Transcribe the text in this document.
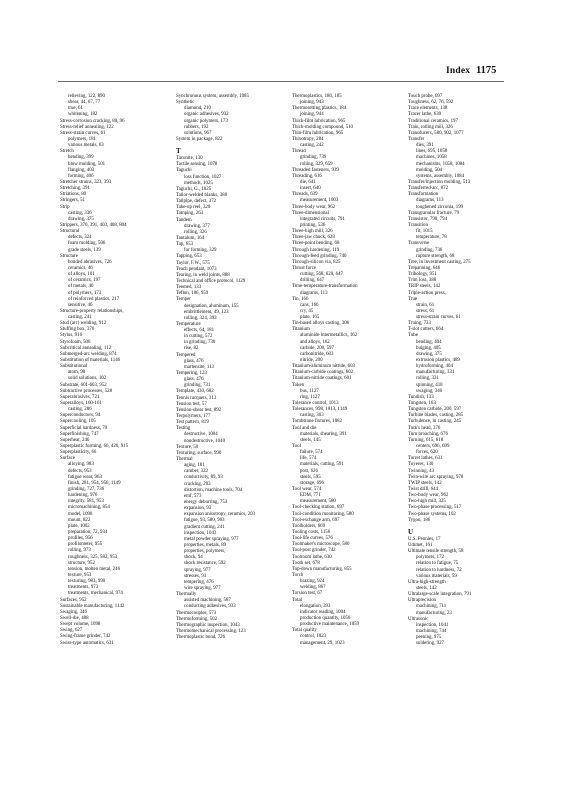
Index 1175
relieving, 122, 890
shear, 44, 67, 77
true, 61
whitening, 182
Stress-corrosion cracking, 80, 96
Stress-relief annealing, 122
Stress-strain curves, 61
polymers, 181
various metals, 63
Stretch
bending, 399
blow molding, 501
flanging, 403
forming, 406
Stretcher strains, 323, 393
Stretching, 391
Striations, 80
Stringers, 51
Strip
casting, 336
drawing, 375
Strippers, 370, 391, 403, 408, 804
Structural
defects, 324
foam molding, 506
grade steels, 139
Structure
bonded abrasives, 726
ceramics, 46
of alloys, 101
of ceramics, 197
of metals, 40
of polymers, 173
of reinforced plastics, 217
sensitive, 46
Structure-property relationships,
casting, 241
Stud (arc) welding, 912
Stuffing box, 376
Stylus, 916
Styrofoam, 506
Subcritical annealing, 112
Submerged-arc welding, 874
Substitution of materials, 1146
Substitutional
atom, 98
solid solutions, 102
Substrate, 601-603, 952
Subtractive processes, 528
Superabrasives, 721
Superalloys, 160-161
casting, 286
Superconductors, 94
Supercooling, 105
Superficial hardness, 70
Superfinishing, 747
Superheat, 246
Superplastic forming, 66, 420, 915
Superplasticity, 66
Surface
alloying, 983
defects, 953
fatigue wear, 963
finish, 281, 954, 956, 1149
grinding, 727, 736
hardening, 976
integrity, 581, 953
micromachining, 854
model, 1098
mount, 822
plate, 1002
preparation, 72, 934
profiles, 956
profilometer, 955
rolling, 973
roughness, 325, 582, 953
structure, 952
tension, molten metal, 246
texture, 953
texturing, 983, 990
treatments, 973
treatments, mechanical, 974
Surfaces, 952
Sustainable manufacturing, 1142
Swaging, 346
Swell-die, 488
Swept volume, 1098
Swing, 627
Swing-frame grinder, 742
Swiss-type automatics, 631
Synchronous system, assembly, 1085
Synthetic
diamond, 210
organic adhesives, 932
organic polymers, 173
rubbers, 192
solutions, 967
System in package, 822
T
Taconite, 130
Tactile sensing, 1078
Taguchi
loss function, 1027
methods, 1025
Taguchi, G., 1025
Tailor-welded blanks, 388
Tailpipe, defect, 372
Take-up reel, 320
Tamping, 263
Tandem
drawing, 377
rolling, 326
Tantalum, 164
Tap, 653
for forming, 329
Tapping, 653
Taylor, F.W., 575
Teach pendant, 1073
Tearing, in weld joints, 888
Technical and office protocol, 1129
Teemed, 133
Teflon, 186, 959
Temper
designation, aluminum, 155
embrittlement, 49, 123
rolling, 324, 393
Temperature
effects, 64, 181
in cutting, 572
in grinding, 730
rise, 82
Tempered
glass, 476
martensite, 113
Tempering, 123
glass, 476
grinding, 731
Template, 430, 682
Tennis racquets, 313
Tension test, 57
Tension-shear test, 892
Terpolymers, 177
Test pattern, 819
Testing
destructive, 1004
nondestructive, 1040
Texture, 50
Texturing, surface, 990
Thermal
aging, 181
camber, 322
conductivity, 89, 93
cracking, 203
distortion, machine tools, 704
emf, 573
energy deburring, 753
expansion, 93
expansion anisotropy, ceramics, 203
fatigue, 93, 580, 963
gradient cutting, 241
inspection, 1043
metal powder spraying, 977
properties, metals, 89
properties, polymers,
shock, 94
shock resistance, 592
spraying, 977
stresses, 93
tempering, 476
wire spraying, 977
Thermally
assisted machining, 587
conducting adhesives, 933
Thermocouples, 573
Thermoforming, 502
Thermographic inspection, 1043
Thermomechanical processing, 123
Thermoplastic bond, 726
Thermoplastics, 180, 185
joining, 943
Thermosetting plastics, 184
joining, 944
Thick-film lubrication, 965
Thick-molding compound, 510
Thin-film lubrication, 965
Thixotropy, 284
casting, 242
Thread
grinding, 739
rolling, 329, 659
Threaded fasteners, 939
Threading, 616
die, 641
insert, 640
Threads, 639
measurement, 1003
Three-body wear, 962
Three-dimensional
integrated circuits, 791
printing, 536
Three-high mill, 326
Three-jaw chuck, 628
Three-point bending, 68
Through hardening, 119
Through-feed grinding, 740
Through-silicon via, 825
Thrust force
cutting, 568, 620, 647
drilling, 647
Time-temperature-transformation
diagrams, 113
Tin, 166
cans, 166
cry, 45
plate, 165
Tin-based alloys casting, 306
Titanium
aluminide intermetallics, 162
and alloys, 162
carbide, 200, 597
carbonitride, 603
nitride, 200
Titanium-aluminum nitride, 603
Titanium-carbide coatings, 602
Titanium-nitride coatings, 601
Token
bus, 1127
ring, 1127
Tolerance control, 1013
Tolerances, 998, 1013, 1149
casting, 303
Tombstone fixtures, 1082
Tool and die
materials, shearing, 391
steels, 145
Tool
failure, 574
life, 574
materials, cutting, 591
post, 626
steels, 595
storage, 696
Tool wear, 574
EDM, 771
measurement, 580
Tool-checking station, 697
Tool-condition monitoring, 580
Tool-exchange arm, 697
Toolholders, 669
Tooling costs, 1156
Tool-life curves, 576
Toolmaker's microscope, 580
Tool-post grinder, 742
Toolroom lathe, 630
Tooth set, 678
Top-down manufacturing, 855
Torch
brazing, 924
welding, 867
Torsion test, 67
Total
elongation, 393
indicator reading, 1004
production quantity, 1056
productive maintenance, 1059
Total quality
control, 1023
management, 29, 1023
Touch probe, 697
Toughness, 62, 76, 592
Trace elements, 138
Tracer lathe, 630
Traditional ceramics, 197
Train, rolling mill, 326
Transducers, 580, 902, 1077
Transfer
dies, 391
lines, 695, 1058
machines, 1058
mechanisms, 1058, 1084
molding, 504
systems, assembly, 1084
Transfer/injection molding, 513
Transferred-arc, 872
Transformation
diagrams, 113
toughened zirconia, 199
Transgranular fracture, 79
Transistor, 790, 794
Transition
fit, 1015
temperature, 78
Transverse
grinding, 736
rupture strength, 68
Tree, in investment casting, 275
Trepanning, 646
Tribology, 951
Trim loss, 388
TRIP steels, 142
Triple-action press,
True
strain, 61
stress, 61
stress-strain curves, 61
Truing, 733
T-slot cutters, 664
Tube
bending, 404
bulging, 405
drawing, 375
extrusion plastics, 489
hydroforming, 404
manufacturing, 331
rolling, 331
spinning, 418
swaging, 346
Tundish, 133
Tungsten, 163
Tungsten carbide, 200, 597
Turbine blades, casting, 285
Turbulence, in casting, 245
Turk's head, 376
Turn broaching, 676
Turning, 615, 618
centers, 696, 699
forces, 620
Turret lathes, 631
Tuyeres, 130
Twinning, 43
Twin-wire arc spraying, 978
TWIP steels, 142
Twist drill, 644
Two-body wear, 962
Two-high mill, 325
Two-phase processing, 517
Two-phase systems, 102
Tygon, 186
U
U.S. Pennies, 17
Udimet, 161
Ultimate tensile strength, 58
polymers, 172
relation to fatigue, 75
relation to hardness, 72
various materials, 59
Ultra-high-strength
steels, 142
Ultralarge-scale integration, 791
Ultraprecision
machining, 711
manufacturing, 23
Ultrasonic
inspection, 1041
machining, 744
peening, 975
soldering, 927
